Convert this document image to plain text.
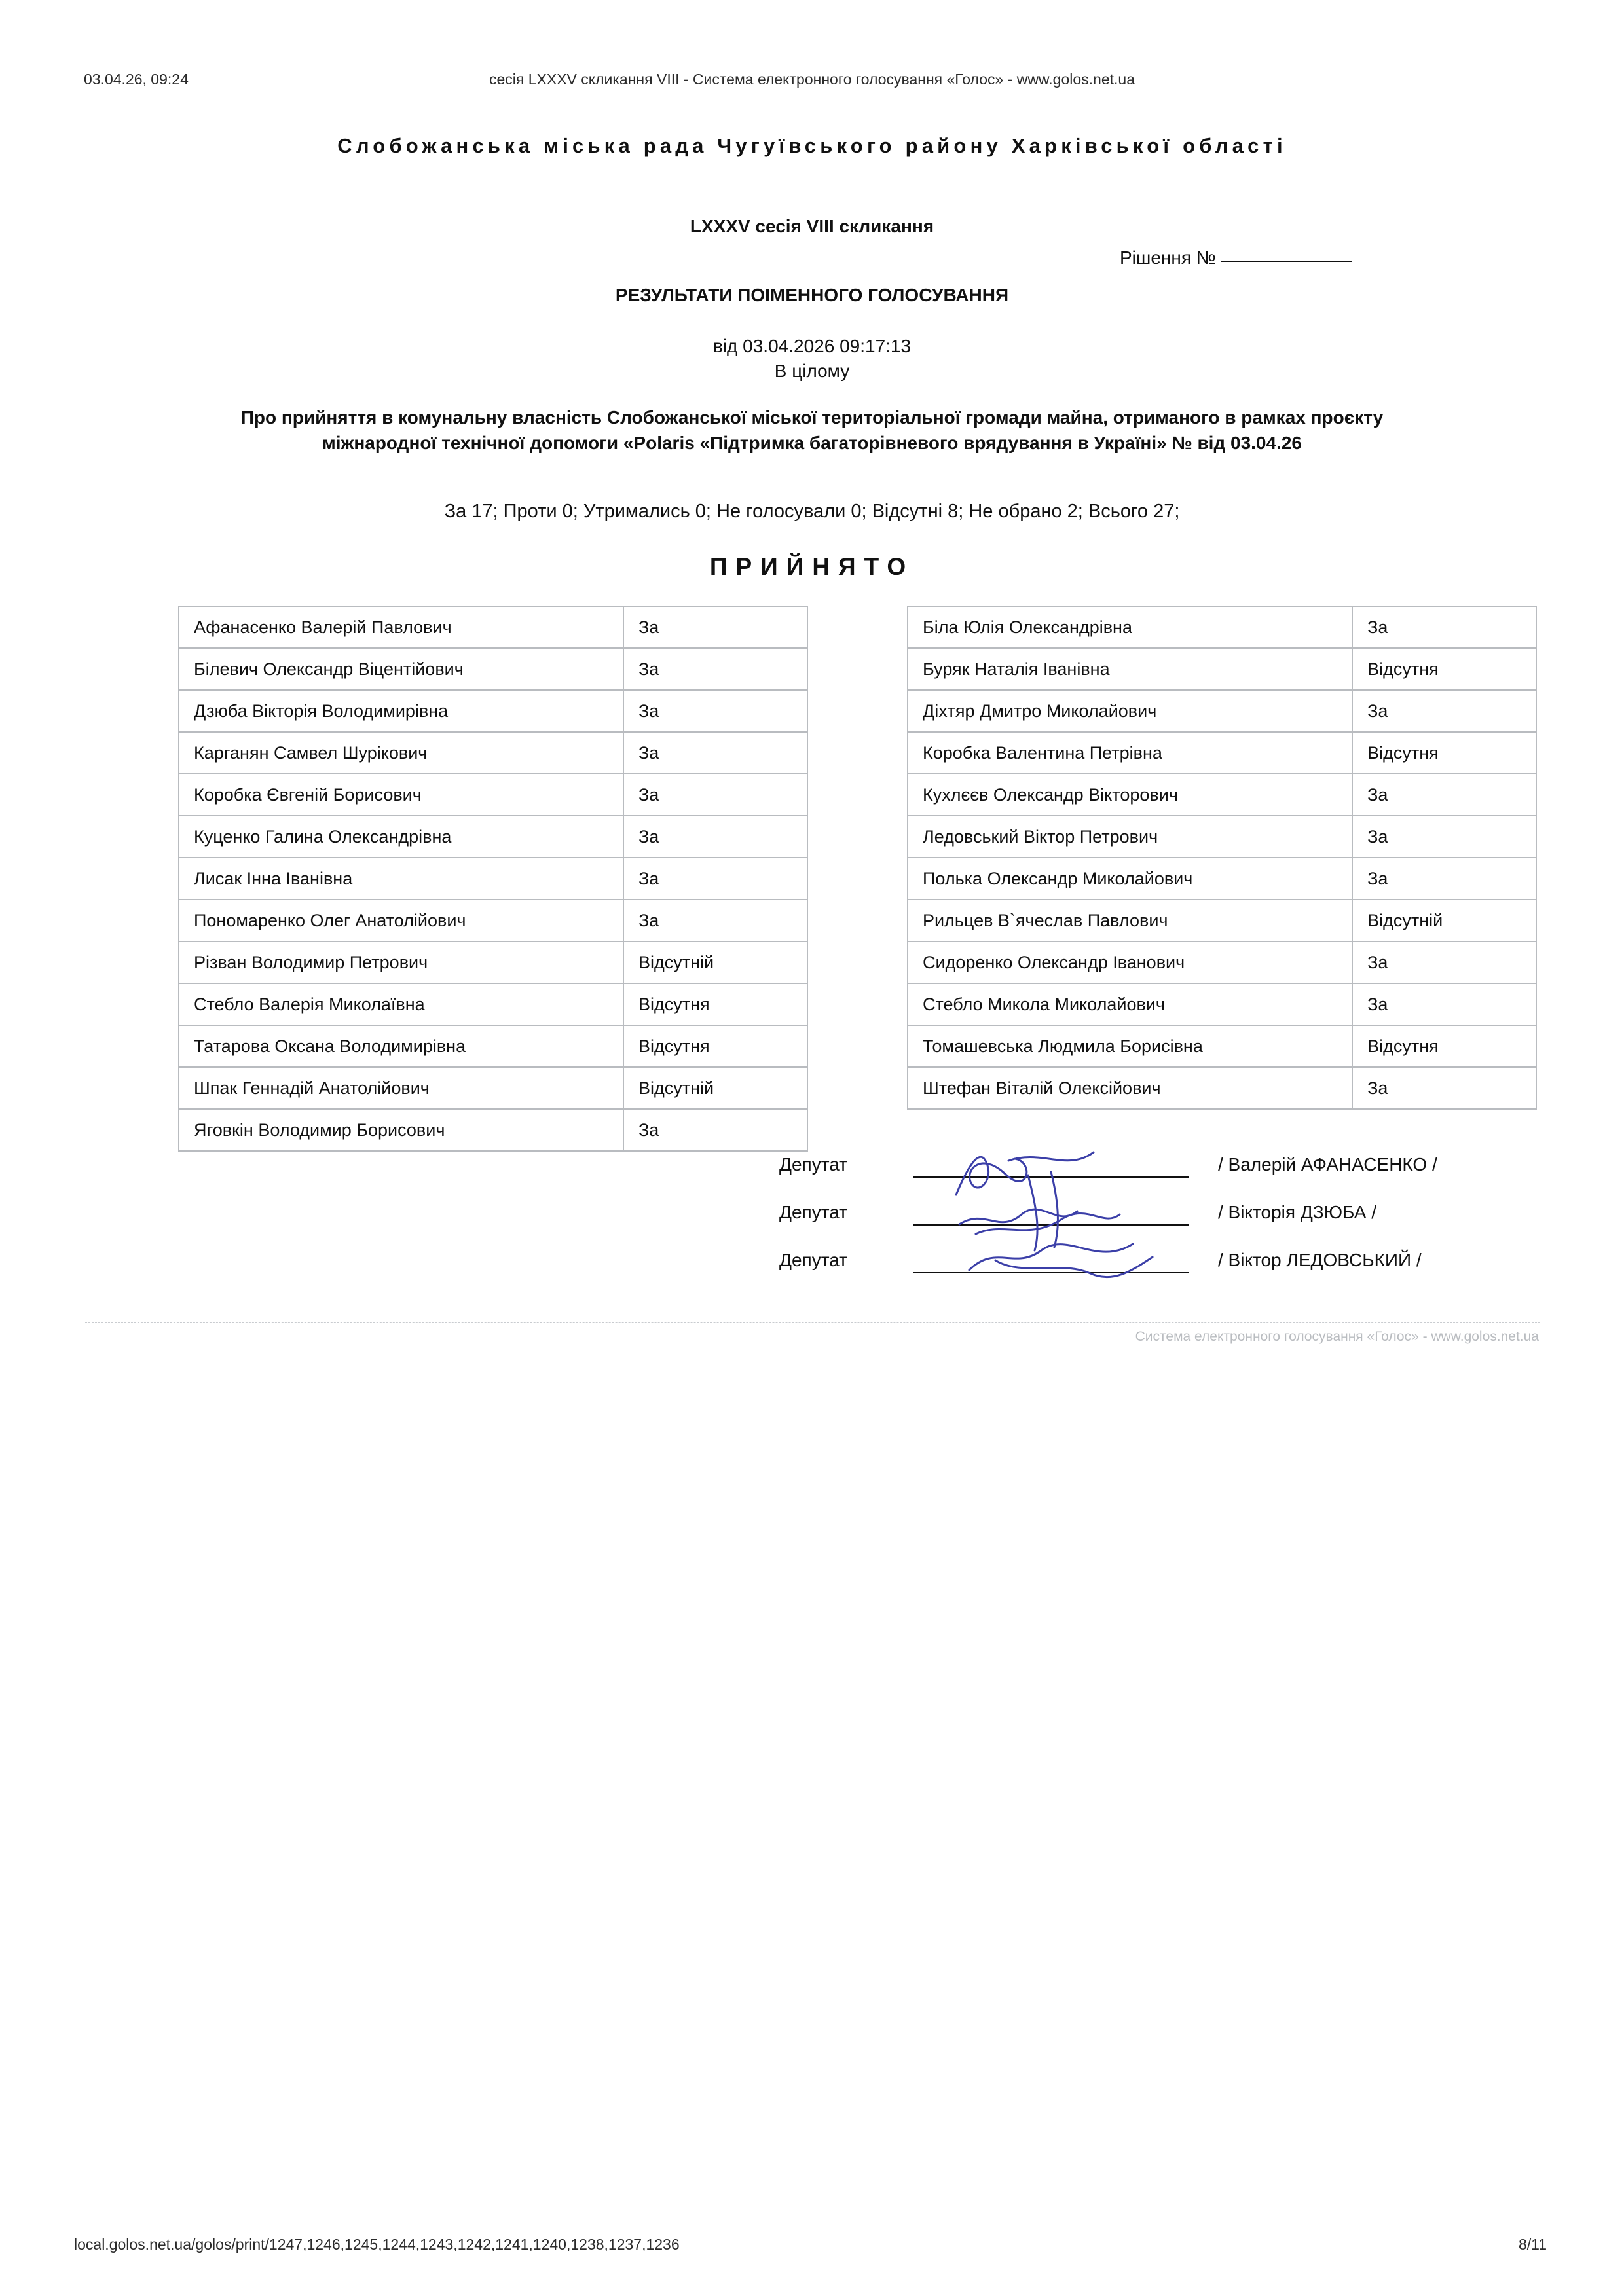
03.04.26, 09:24	сесія LXXXV скликання VIII - Система електронного голосування «Голос» - www.golos.net.ua
Слобожанська міська рада Чугуївського району Харківської області
LXXXV сесія VIII скликання
Рішення №
РЕЗУЛЬТАТИ ПОІМЕННОГО ГОЛОСУВАННЯ
від 03.04.2026 09:17:13
В цілому
Про прийняття в комунальну власність Слобожанської міської територіальної громади майна, отриманого в рамках проєкту міжнародної технічної допомоги «Polaris «Підтримка багаторівневого врядування в Україні» № від 03.04.26
За 17; Проти 0; Утримались 0; Не голосували 0; Відсутні 8; Не обрано 2; Всього 27;
ПРИЙНЯТО
Афанасенко Валерій Павлович	За
Білевич Олександр Віцентійович	За
Дзюба Вікторія Володимирівна	За
Карганян Самвел Шурікович	За
Коробка Євгеній Борисович	За
Куценко Галина Олександрівна	За
Лисак Інна Іванівна	За
Пономаренко Олег Анатолійович	За
Різван Володимир Петрович	Відсутній
Стебло Валерія Миколаївна	Відсутня
Татарова Оксана Володимирівна	Відсутня
Шпак Геннадій Анатолійович	Відсутній
Яговкін Володимир Борисович	За
Біла Юлія Олександрівна	За
Буряк Наталія Іванівна	Відсутня
Діхтяр Дмитро Миколайович	За
Коробка Валентина Петрівна	Відсутня
Кухлєєв Олександр Вікторович	За
Ледовський Віктор Петрович	За
Полька Олександр Миколайович	За
Рильцев В`ячеслав Павлович	Відсутній
Сидоренко Олександр Іванович	За
Стебло Микола Миколайович	За
Томашевська Людмила Борисівна	Відсутня
Штефан Віталій Олексійович	За
Депутат	/ Валерій АФАНАСЕНКО /
Депутат	/ Вікторія ДЗЮБА /
Депутат	/ Віктор ЛЕДОВСЬКИЙ /
Система електронного голосування «Голос» - www.golos.net.ua
local.golos.net.ua/golos/print/1247,1246,1245,1244,1243,1242,1241,1240,1238,1237,1236	8/11
